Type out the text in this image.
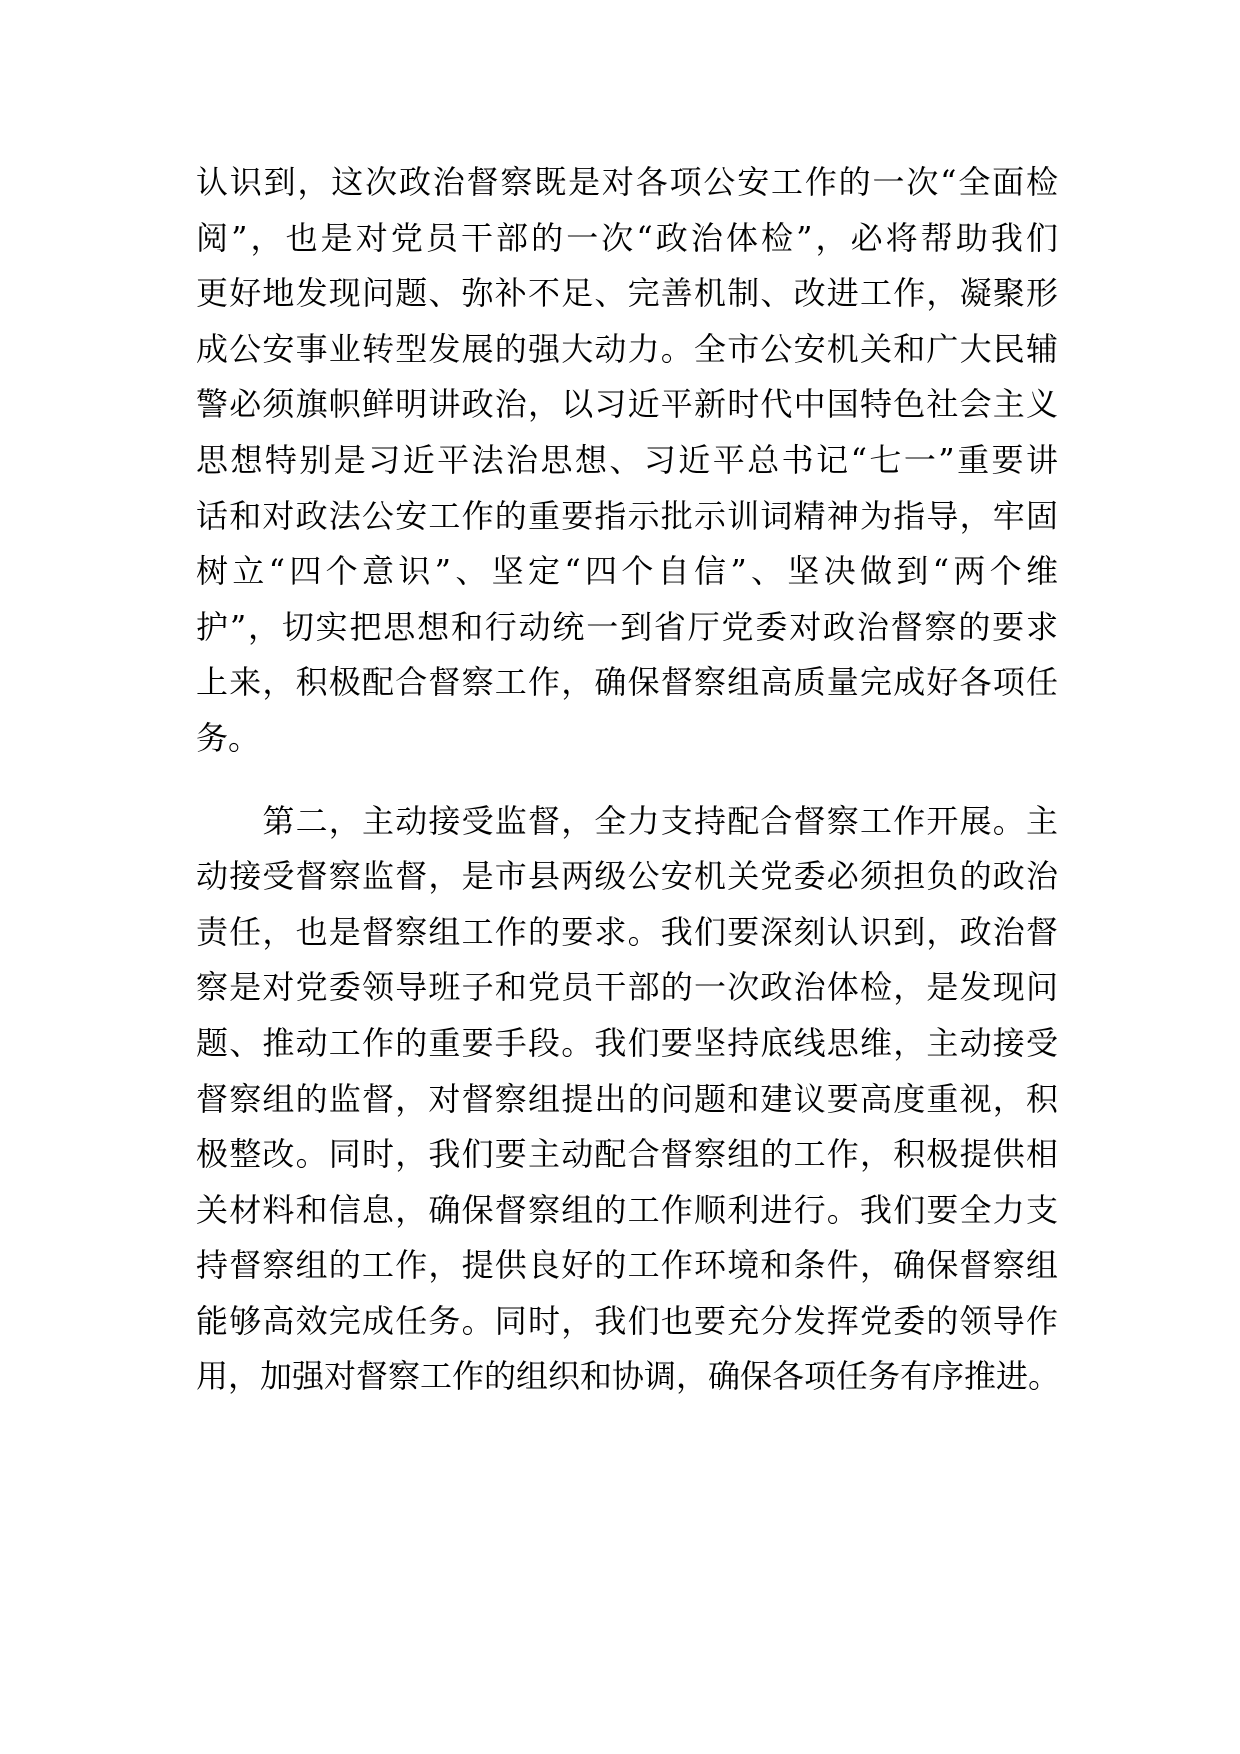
认识到，这次政治督察既是对各项公安工作的一次“全面检
阅”，也是对党员干部的一次“政治体检”，必将帮助我们
更好地发现问题、弥补不足、完善机制、改进工作，凝聚形
成公安事业转型发展的强大动力。全市公安机关和广大民辅
警必须旗帜鲜明讲政治，以习近平新时代中国特色社会主义
思想特别是习近平法治思想、习近平总书记“七一”重要讲
话和对政法公安工作的重要指示批示训词精神为指导，牢固
树立“四个意识”、坚定“四个自信”、坚决做到“两个维
护”，切实把思想和行动统一到省厅党委对政治督察的要求
上来，积极配合督察工作，确保督察组高质量完成好各项任
务。
　　第二，主动接受监督，全力支持配合督察工作开展。主
动接受督察监督，是市县两级公安机关党委必须担负的政治
责任，也是督察组工作的要求。我们要深刻认识到，政治督
察是对党委领导班子和党员干部的一次政治体检，是发现问
题、推动工作的重要手段。我们要坚持底线思维，主动接受
督察组的监督，对督察组提出的问题和建议要高度重视，积
极整改。同时，我们要主动配合督察组的工作，积极提供相
关材料和信息，确保督察组的工作顺利进行。我们要全力支
持督察组的工作，提供良好的工作环境和条件，确保督察组
能够高效完成任务。同时，我们也要充分发挥党委的领导作
用，加强对督察工作的组织和协调，确保各项任务有序推进。
